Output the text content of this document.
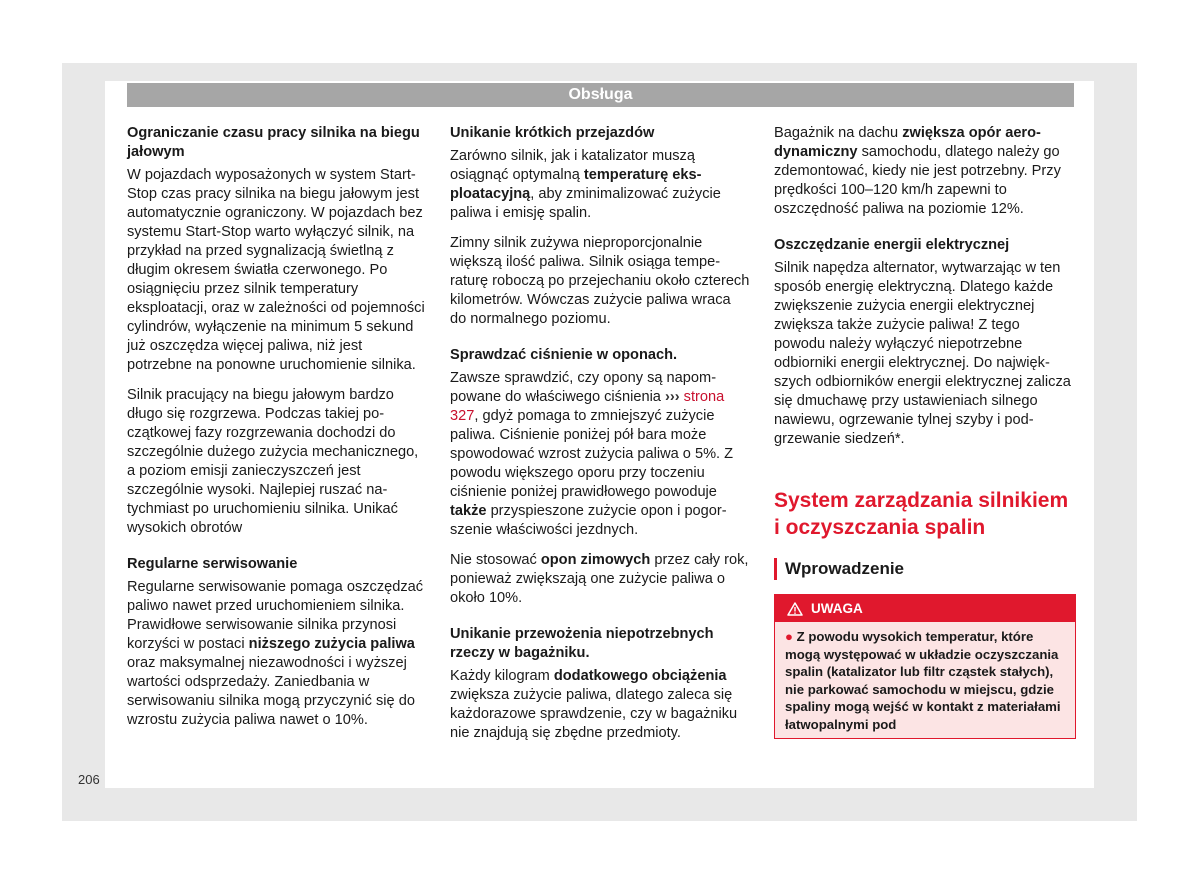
Obsługa
Ograniczanie czasu pracy silnika na biegu jałowym

W pojazdach wyposażonych w system Start-Stop czas pracy silnika na biegu jałowym jest automatycznie ograniczony. W pojazdach bez systemu Start-Stop warto wyłączyć silnik, na przykład na przed sygnalizacją świetlną z długim okresem światła czerwonego. Po osiągnięciu przez silnik temperatury eksploatacji, oraz w zależności od pojemności cylindrów, wyłączenie na minimum 5 sekund już oszczędza więcej paliwa, niż jest potrzebne na ponowne uruchomienie silnika.

Silnik pracujący na biegu jałowym bardzo długo się rozgrzewa. Podczas takiej początkowej fazy rozgrzewania dochodzi do szczególnie dużego zużycia mechanicznego, a poziom emisji zanieczyszczeń jest szczególnie wysoki. Najlepiej ruszać natychmiast po uruchomieniu silnika. Unikać wysokich obrotów

Regularne serwisowanie

Regularne serwisowanie pomaga oszczędzać paliwo nawet przed uruchomieniem silnika. Prawidłowe serwisowanie silnika przynosi korzyści w postaci niższego zużycia paliwa oraz maksymalnej niezawodności i wyższej wartości odsprzedaży. Zaniedbania w serwisowaniu silnika mogą przyczynić się do wzrostu zużycia paliwa nawet o 10%.

Unikanie krótkich przejazdów

Zarówno silnik, jak i katalizator muszą osiągnąć optymalną temperaturę eksploatacyjną, aby zminimalizować zużycie paliwa i emisję spalin.

Zimny silnik zużywa nieproporcjonalnie większą ilość paliwa. Silnik osiąga temperaturę roboczą po przejechaniu około czterech kilometrów. Wówczas zużycie paliwa wraca do normalnego poziomu.

Sprawdzać ciśnienie w oponach.

Zawsze sprawdzić, czy opony są napompowane do właściwego ciśnienia ››› strona 327, gdyż pomaga to zmniejszyć zużycie paliwa. Ciśnienie poniżej pół bara może spowodować wzrost zużycia paliwa o 5%. Z powodu większego oporu przy toczeniu ciśnienie poniżej prawidłowego powoduje także przyspieszone zużycie opon i pogorszenie właściwości jezdnych.

Nie stosować opon zimowych przez cały rok, ponieważ zwiększają one zużycie paliwa o około 10%.

Unikanie przewożenia niepotrzebnych rzeczy w bagażniku.

Każdy kilogram dodatkowego obciążenia zwiększa zużycie paliwa, dlatego zaleca się każdorazowe sprawdzenie, czy w bagażniku nie znajdują się zbędne przedmioty.

Bagażnik na dachu zwiększa opór aerodynamiczny samochodu, dlatego należy go zdemontować, kiedy nie jest potrzebny. Przy prędkości 100–120 km/h zapewni to oszczędność paliwa na poziomie 12%.

Oszczędzanie energii elektrycznej

Silnik napędza alternator, wytwarzając w ten sposób energię elektryczną. Dlatego każde zwiększenie zużycia energii elektrycznej zwiększa także zużycie paliwa! Z tego powodu należy wyłączyć niepotrzebne odbiorniki energii elektrycznej. Do największych odbiorników energii elektrycznej zalicza się dmuchawę przy ustawieniach silnego nawiewu, ogrzewanie tylnej szyby i podgrzewanie siedzeń*.

System zarządzania silnikiem i oczyszczania spalin
Wprowadzenie
UWAGA
● Z powodu wysokich temperatur, które mogą występować w układzie oczyszczania spalin (katalizator lub filtr cząstek stałych), nie parkować samochodu w miejscu, gdzie spaliny mogą wejść w kontakt z materiałami łatwopalnymi pod
206
